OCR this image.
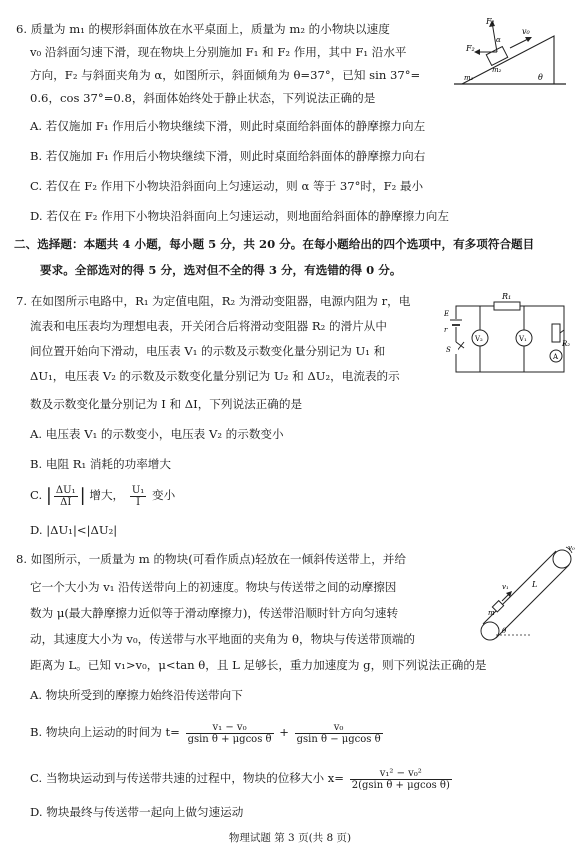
6. 质量为 m₁ 的楔形斜面体放在水平桌面上，质量为 m₂ 的小物块以速度
v₀ 沿斜面匀速下滑，现在物块上分别施加 F₁ 和 F₂ 作用，其中 F₁ 沿水平
方向，F₂ 与斜面夹角为 α，如图所示，斜面倾角为 θ=37°，已知 sin 37°=
0.6，cos 37°=0.8，斜面体始终处于静止状态，下列说法正确的是
A. 若仅施加 F₁ 作用后小物块继续下滑，则此时桌面给斜面体的静摩擦力向左
B. 若仅施加 F₁ 作用后小物块继续下滑，则此时桌面给斜面体的静摩擦力向右
C. 若仅在 F₂ 作用下小物块沿斜面向上匀速运动，则 α 等于 37°时，F₂ 最小
D. 若仅在 F₂ 作用下小物块沿斜面向上匀速运动，则地面给斜面体的静摩擦力向左
F₁
F₂
α
v₀
m₂
m₁	θ
二、选择题：本题共 4 小题，每小题 5 分，共 20 分。在每小题给出的四个选项中，有多项符合题目
要求。全部选对的得 5 分，选对但不全的得 3 分，有选错的得 0 分。
7. 在如图所示电路中，R₁ 为定值电阻，R₂ 为滑动变阻器，电源内阻为 r，电
流表和电压表均为理想电表，开关闭合后将滑动变阻器 R₂ 的滑片从中
间位置开始向下滑动，电压表 V₁ 的示数及示数变化量分别记为 U₁ 和
ΔU₁，电压表 V₂ 的示数及示数变化量分别记为 U₂ 和 ΔU₂，电流表的示
数及示数变化量分别记为 I 和 ΔI，下列说法正确的是
A. 电压表 V₁ 的示数变小，电压表 V₂ 的示数变小
B. 电阻 R₁ 消耗的功率增大
C. | $\frac{\text{ΔU₁}}{\Delta I}$ | 增大， $\frac{\text{U₁}}{I}$ 变小
D. |ΔU₁|<|ΔU₂|
R₁
E
r
S
V₂	V₁
R₂
A
8. 如图所示，一质量为 m 的物块(可看作质点)轻放在一倾斜传送带上，并给
它一个大小为 v₁ 沿传送带向上的初速度。物块与传送带之间的动摩擦因
数为 μ(最大静摩擦力近似等于滑动摩擦力)，传送带沿顺时针方向匀速转
动，其速度大小为 v₀，传送带与水平地面的夹角为 θ，物块与传送带顶端的
距离为 L。已知 v₁>v₀，μ<tan θ，且 L 足够长，重力加速度为 g，则下列说法正确的是
A. 物块所受到的摩擦力始终沿传送带向下
B. 物块向上运动的时间为 $t= \frac{\text{v₁ − v₀}}{\text{gsin θ + μgcos θ}} + \frac{\text{v₀}}{\text{gsin θ − μgcos θ}}$
C. 当物块运动到与传送带共速的过程中，物块的位移大小 $x= \frac{\text{v₁² − v₀²}}{\text{2(gsin θ + μgcos θ)}}$
D. 物块最终与传送带一起向上做匀速运动
v₀
v₁
m
L
θ
物理试题 第 3 页(共 8 页)
